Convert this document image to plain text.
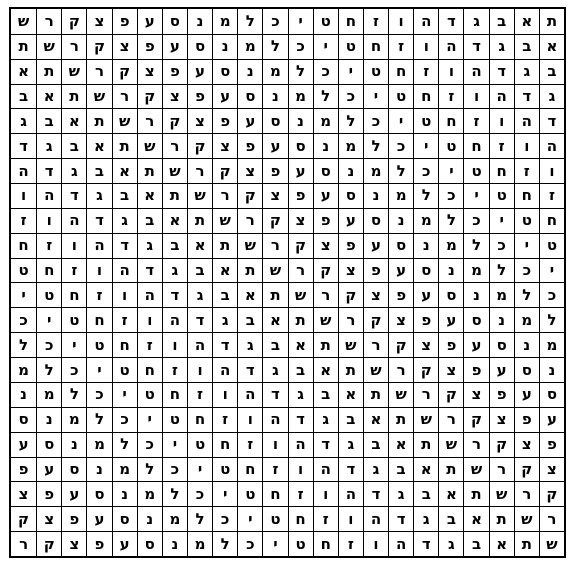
ת
א
ב
ג
ד
ה
ו
ז
ח
ט
י
כ
ל
מ
נ
ס
ע
פ
צ
ק
ר
ש
א
ב
ג
ד
ה
ו
ז
ח
ט
י
כ
ל
מ
נ
ס
ע
פ
צ
ק
ר
ש
ת
ב
ג
ד
ה
ו
ז
ח
ט
י
כ
ל
מ
נ
ס
ע
פ
צ
ק
ר
ש
ת
א
ג
ד
ה
ו
ז
ח
ט
י
כ
ל
מ
נ
ס
ע
פ
צ
ק
ר
ש
ת
א
ב
ד
ה
ו
ז
ח
ט
י
כ
ל
מ
נ
ס
ע
פ
צ
ק
ר
ש
ת
א
ב
ג
ה
ו
ז
ח
ט
י
כ
ל
מ
נ
ס
ע
פ
צ
ק
ר
ש
ת
א
ב
ג
ד
ו
ז
ח
ט
י
כ
ל
מ
נ
ס
ע
פ
צ
ק
ר
ש
ת
א
ב
ג
ד
ה
ז
ח
ט
י
כ
ל
מ
נ
ס
ע
פ
צ
ק
ר
ש
ת
א
ב
ג
ד
ה
ו
ח
ט
י
כ
ל
מ
נ
ס
ע
פ
צ
ק
ר
ש
ת
א
ב
ג
ד
ה
ו
ז
ט
י
כ
ל
מ
נ
ס
ע
פ
צ
ק
ר
ש
ת
א
ב
ג
ד
ה
ו
ז
ח
י
כ
ל
מ
נ
ס
ע
פ
צ
ק
ר
ש
ת
א
ב
ג
ד
ה
ו
ז
ח
ט
כ
ל
מ
נ
ס
ע
פ
צ
ק
ר
ש
ת
א
ב
ג
ד
ה
ו
ז
ח
ט
י
ל
מ
נ
ס
ע
פ
צ
ק
ר
ש
ת
א
ב
ג
ד
ה
ו
ז
ח
ט
י
כ
מ
נ
ס
ע
פ
צ
ק
ר
ש
ת
א
ב
ג
ד
ה
ו
ז
ח
ט
י
כ
ל
נ
ס
ע
פ
צ
ק
ר
ש
ת
א
ב
ג
ד
ה
ו
ז
ח
ט
י
כ
ל
מ
ס
ע
פ
צ
ק
ר
ש
ת
א
ב
ג
ד
ה
ו
ז
ח
ט
י
כ
ל
מ
נ
ע
פ
צ
ק
ר
ש
ת
א
ב
ג
ד
ה
ו
ז
ח
ט
י
כ
ל
מ
נ
ס
פ
צ
ק
ר
ש
ת
א
ב
ג
ד
ה
ו
ז
ח
ט
י
כ
ל
מ
נ
ס
ע
צ
ק
ר
ש
ת
א
ב
ג
ד
ה
ו
ז
ח
ט
י
כ
ל
מ
נ
ס
ע
פ
ק
ר
ש
ת
א
ב
ג
ד
ה
ו
ז
ח
ט
י
כ
ל
מ
נ
ס
ע
פ
צ
ר
ש
ת
א
ב
ג
ד
ה
ו
ז
ח
ט
י
כ
ל
מ
נ
ס
ע
פ
צ
ק
ש
ת
א
ב
ג
ד
ה
ו
ז
ח
ט
י
כ
ל
מ
נ
ס
ע
פ
צ
ק
ר
